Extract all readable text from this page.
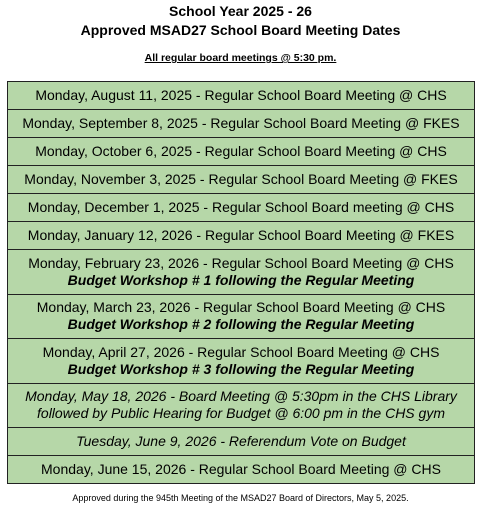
School Year 2025 - 26
Approved MSAD27 School Board Meeting Dates
All regular board meetings @ 5:30 pm.
Monday, August 11, 2025 - Regular School Board Meeting @ CHS
Monday, September 8, 2025 - Regular School Board Meeting @ FKES
Monday, October 6, 2025 - Regular School Board Meeting @ CHS
Monday, November 3, 2025 - Regular School Board Meeting @ FKES
Monday, December 1, 2025 - Regular School Board meeting @ CHS
Monday, January 12, 2026 - Regular School Board Meeting @ FKES
Monday, February 23, 2026 - Regular School Board Meeting @ CHS
Budget Workshop # 1 following the Regular Meeting
Monday, March 23, 2026 - Regular School Board Meeting @ CHS
Budget Workshop # 2 following the Regular Meeting
Monday, April 27, 2026 - Regular School Board Meeting @ CHS
Budget Workshop # 3 following the Regular Meeting
Monday, May 18, 2026 - Board Meeting @ 5:30pm in the CHS Library
followed by Public Hearing for Budget @ 6:00 pm in the CHS gym
Tuesday, June 9, 2026 - Referendum Vote on Budget
Monday, June 15, 2026 - Regular School Board Meeting @ CHS
Approved during the 945th Meeting of the MSAD27 Board of Directors, May 5, 2025.
